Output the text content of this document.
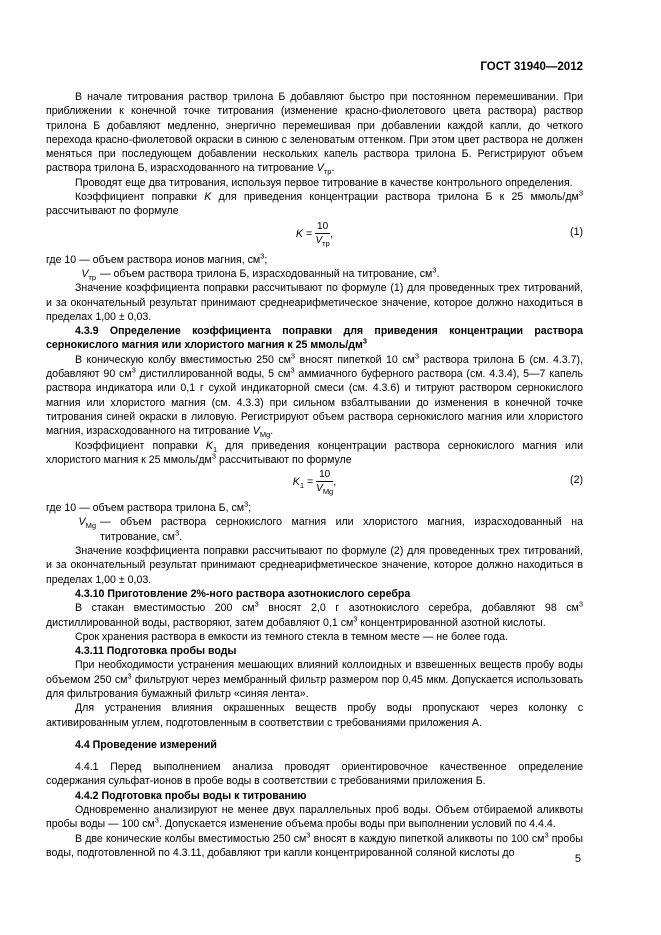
ГОСТ 31940—2012

В начале титрования раствор трилона Б добавляют быстро при постоянном перемешивании. При приближении к конечной точке титрования (изменение красно-фиолетового цвета раствора) раствор трилона Б добавляют медленно, энергично перемешивая при добавлении каждой капли, до четкого перехода красно-фиолетовой окраски в синюю с зеленоватым оттенком. При этом цвет раствора не должен меняться при последующем добавлении нескольких капель раствора трилона Б. Регистрируют объем раствора трилона Б, израсходованного на титрование $V_{тр}$.

Проводят еще два титрования, используя первое титрование в качестве контрольного определения.

Коэффициент поправки K для приведения концентрации раствора трилона Б к 25 ммоль/$дм^3$ рассчитывают по формуле

$K = \frac{10}{V_{тр}}$ ,	(1)

где 10 — объем раствора ионов магния, $см^3$;

$V_{тр}$ — объем раствора трилона Б, израсходованный на титрование, $см^3$.

Значение коэффициента поправки рассчитывают по формуле (1) для проведенных трех титрований, и за окончательный результат принимают среднеарифметическое значение, которое должно находиться в пределах 1,00 ± 0,03.

4.3.9 Определение коэффициента поправки для приведения концентрации раствора сернокислого магния или хлористого магния к 25 ммоль/$дм^3$

В коническую колбу вместимостью 250 $см^3$ вносят пипеткой 10 $см^3$ раствора трилона Б (см. 4.3.7), добавляют 90 $см^3$ дистиллированной воды, 5 $см^3$ аммиачного буферного раствора (см. 4.3.4), 5—7 капель раствора индикатора или 0,1 г сухой индикаторной смеси (см. 4.3.6) и титруют раствором сернокислого магния или хлористого магния (см. 4.3.3) при сильном взбалтывании до изменения в конечной точке титрования синей окраски в лиловую. Регистрируют объем раствора сернокислого магния или хлористого магния, израсходованного на титрование $V_{Mg}$.

Коэффициент поправки $K_1$ для приведения концентрации раствора сернокислого магния или хлористого магния к 25 ммоль/$дм^3$ рассчитывают по формуле

$K_1 = \frac{10}{V_{Mg}}$ ,	(2)

где 10 — объем раствора трилона Б, $см^3$;

$V_{Mg}$ — объем раствора сернокислого магния или хлористого магния, израсходованный на титрование, $см^3$.

Значение коэффициента поправки рассчитывают по формуле (2) для проведенных трех титрований, и за окончательный результат принимают среднеарифметическое значение, которое должно находиться в пределах 1,00 ± 0,03.

4.3.10 Приготовление 2%-ного раствора азотнокислого серебра

В стакан вместимостью 200 $см^3$ вносят 2,0 г азотнокислого серебра, добавляют 98 $см^3$ дистиллированной воды, растворяют, затем добавляют 0,1 $см^3$ концентрированной азотной кислоты.

Срок хранения раствора в емкости из темного стекла в темном месте — не более года.

4.3.11 Подготовка пробы воды

При необходимости устранения мешающих влияний коллоидных и взвешенных веществ пробу воды объемом 250 $см^3$ фильтруют через мембранный фильтр размером пор 0,45 мкм. Допускается использовать для фильтрования бумажный фильтр «синяя лента».

Для устранения влияния окрашенных веществ пробу воды пропускают через колонку с активированным углем, подготовленным в соответствии с требованиями приложения А.

4.4 Проведение измерений

4.4.1 Перед выполнением анализа проводят ориентировочное качественное определение содержания сульфат-ионов в пробе воды в соответствии с требованиями приложения Б.

4.4.2 Подготовка пробы воды к титрованию

Одновременно анализируют не менее двух параллельных проб воды. Объем отбираемой аликвоты пробы воды — 100 $см^3$. Допускается изменение объема пробы воды при выполнении условий по 4.4.4.

В две конические колбы вместимостью 250 $см^3$ вносят в каждую пипеткой аликвоты по 100 $см^3$ пробы воды, подготовленной по 4.3.11, добавляют три капли концентрированной соляной кислоты до

5
